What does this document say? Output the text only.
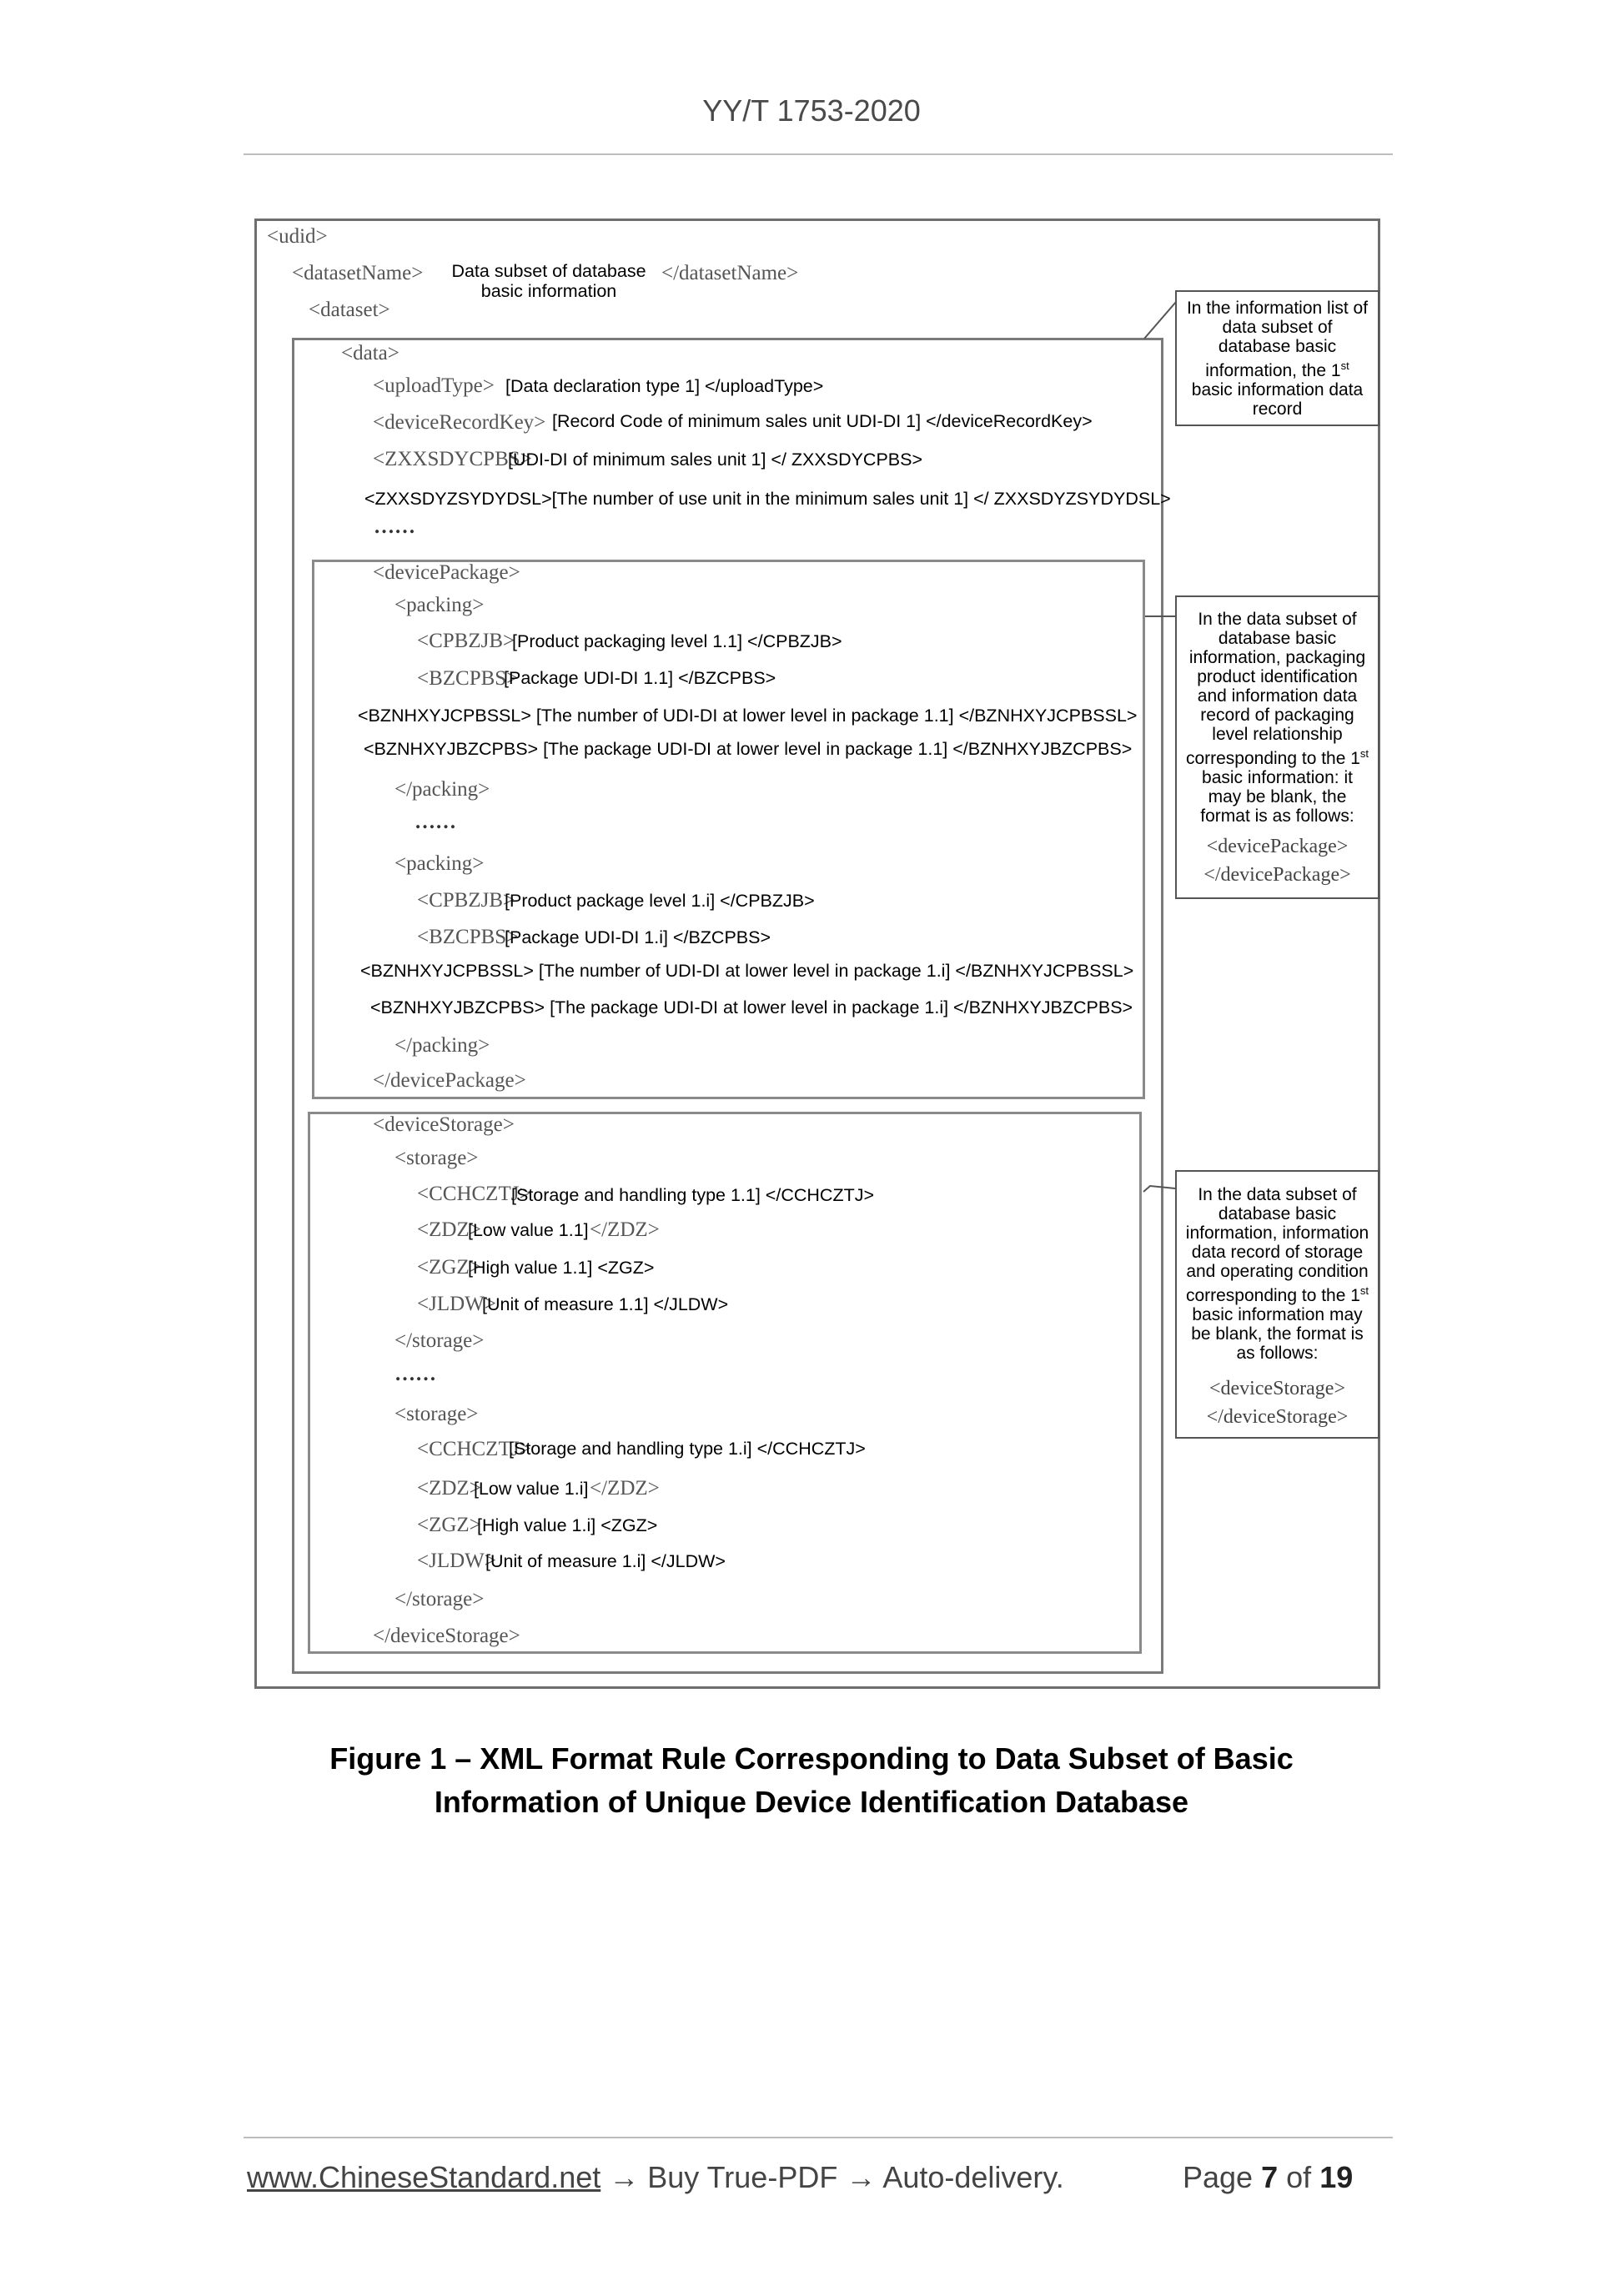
YY/T 1753-2020
<udid>
<datasetName> Data subset of database
basic information
</datasetName>
<dataset>
<data>
<uploadType> [Data declaration type 1] </uploadType>
<deviceRecordKey> [Record Code of minimum sales unit UDI-DI 1] </deviceRecordKey>
<ZXXSDYCPBS>
[UDI-DI of minimum sales unit 1] </ ZXXSDYCPBS>
<ZXXSDYZSYDYDSL>[The number of use unit in the minimum sales unit 1] </ ZXXSDYZSYDYDSL>
……
<devicePackage>
<packing>
<CPBZJB>
[Product packaging level 1.1] </CPBZJB>
<BZCPBS>
[Package UDI-DI 1.1] </BZCPBS>
<BZNHXYJCPBSSL> [The number of UDI-DI at lower level in package 1.1] </BZNHXYJCPBSSL>
<BZNHXYJBZCPBS> [The package UDI-DI at lower level in package 1.1] </BZNHXYJBZCPBS>
</packing>
……
<packing>
<CPBZJB>
[Product package level 1.i] </CPBZJB>
<BZCPBS>
[Package UDI-DI 1.i] </BZCPBS>
<BZNHXYJCPBSSL> [The number of UDI-DI at lower level in package 1.i] </BZNHXYJCPBSSL>
<BZNHXYJBZCPBS> [The package UDI-DI at lower level in package 1.i] </BZNHXYJBZCPBS>
</packing>
</devicePackage>
<deviceStorage>
<storage>
<CCHCZTJ>
[Storage and handling type 1.1] </CCHCZTJ>
<ZDZ>
[Low value 1.1] </ZDZ>
<ZGZ>
[High value 1.1] <ZGZ>
<JLDW>
[Unit of measure 1.1] </JLDW>
</storage>
……
<storage>
<CCHCZTJ>
[Storage and handling type 1.i] </CCHCZTJ>
<ZDZ>
[Low value 1.i] </ZDZ>
<ZGZ>
[High value 1.i] <ZGZ>
<JLDW>
[Unit of measure 1.i] </JLDW>
</storage>
</deviceStorage>
In the information list of
data subset of
database basic
information, the 1st
basic information data
record
In the data subset of
database basic
information, packaging
product identification
and information data
record of packaging
level relationship
corresponding to the 1st
basic information: it
may be blank, the
format is as follows:
<devicePackage>
</devicePackage>
In the data subset of
database basic
information, information
data record of storage
and operating condition
corresponding to the 1st
basic information may
be blank, the format is
as follows:
<deviceStorage>
</deviceStorage>
Figure 1 – XML Format Rule Corresponding to Data Subset of Basic
Information of Unique Device Identification Database
www.ChineseStandard.net → Buy True-PDF → Auto-delivery.	Page 7 of 19
